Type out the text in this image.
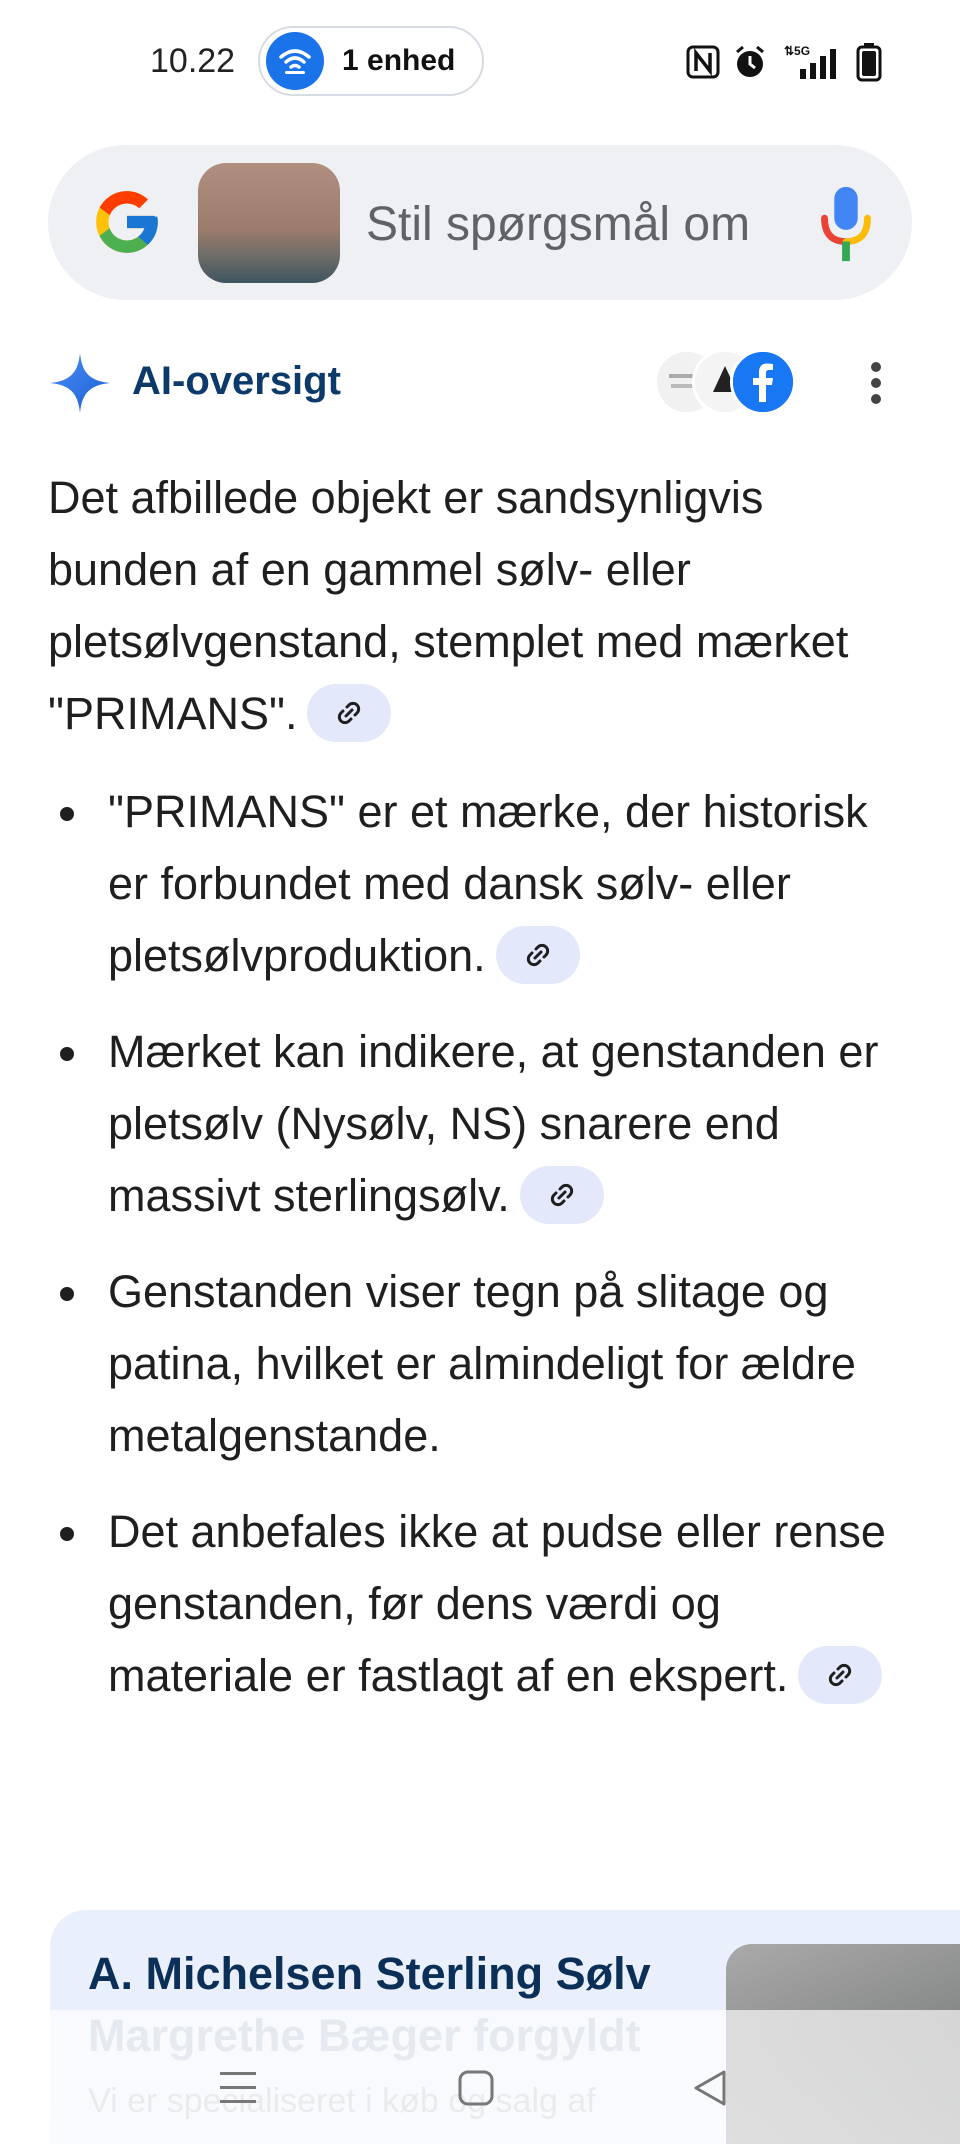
10.22	1 enhed	⇅5G
Stil spørgsmål om
AI-oversigt

Det afbillede objekt er sandsynligvis bunden af en gammel sølv- eller pletsølvgenstand, stemplet med mærket "PRIMANS".

"PRIMANS" er et mærke, der historisk er forbundet med dansk sølv- eller pletsølvproduktion.
Mærket kan indikere, at genstanden er pletsølv (Nysølv, NS) snarere end massivt sterlingsølv.
Genstanden viser tegn på slitage og patina, hvilket er almindeligt for ældre metalgenstande.
Det anbefales ikke at pudse eller rense genstanden, før dens værdi og materiale er fastlagt af en ekspert.
A. Michelsen Sterling Sølv
